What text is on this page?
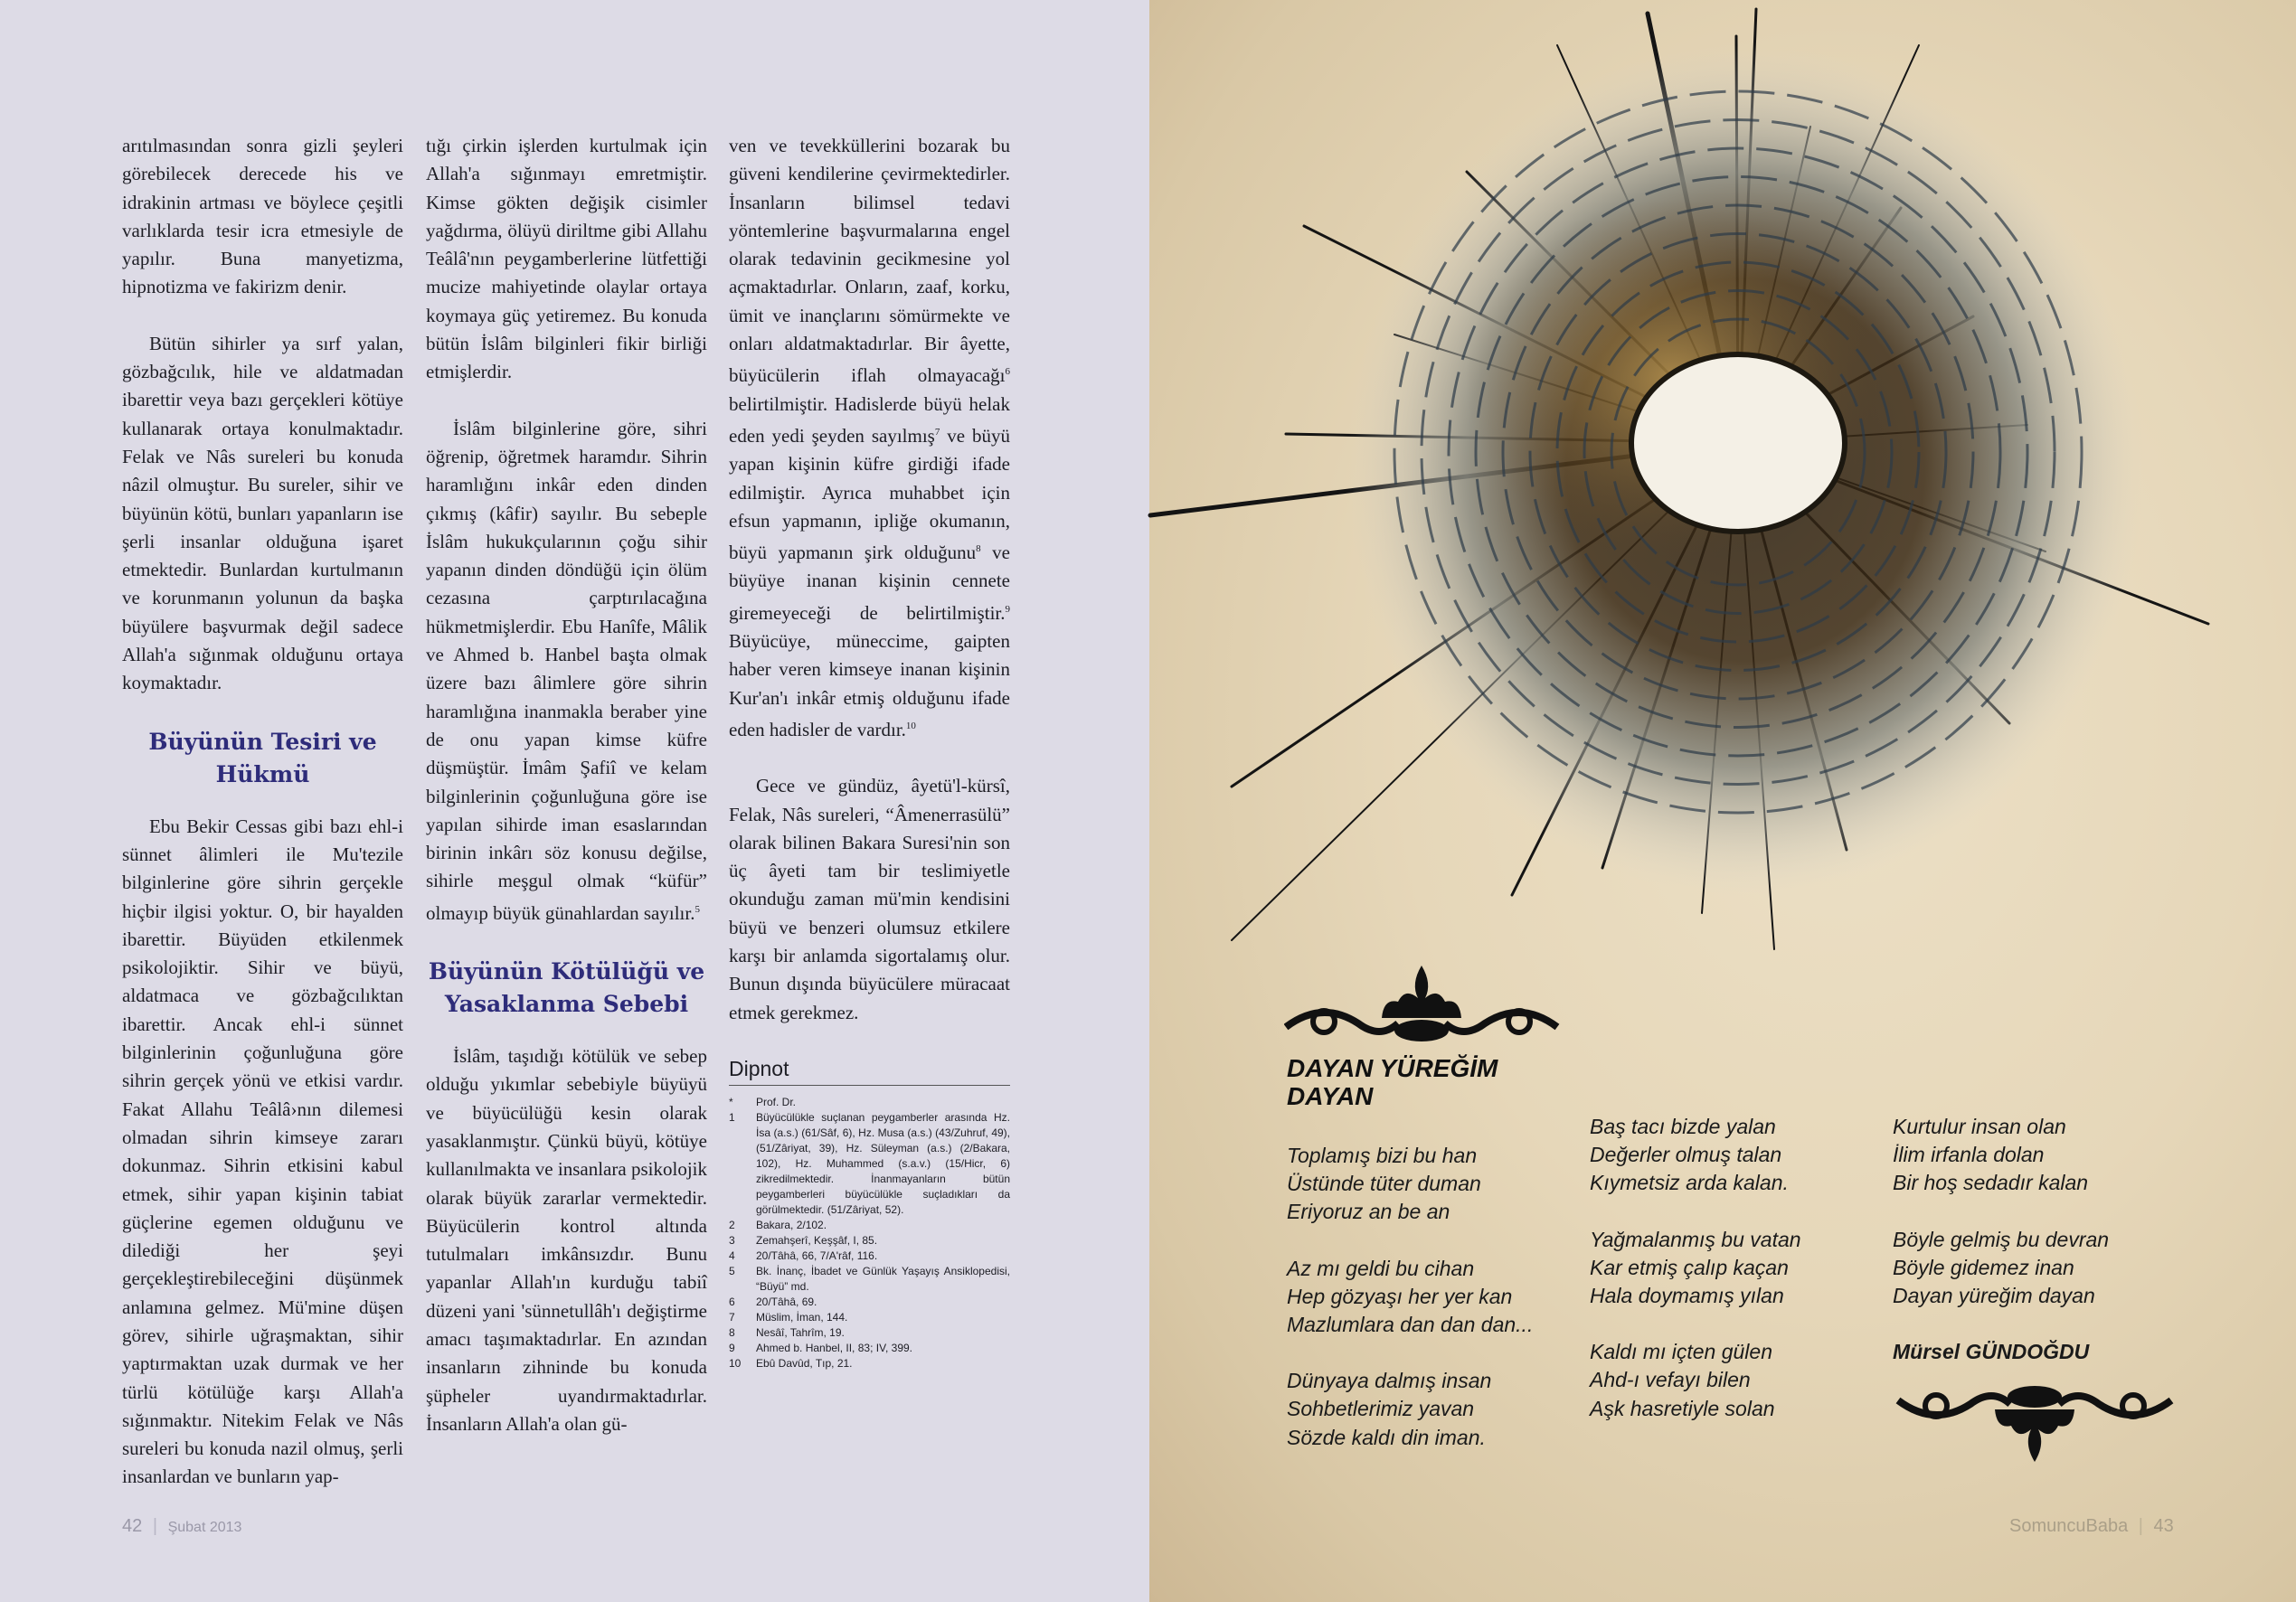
arıtılmasından sonra gizli şeyleri görebilecek derecede his ve idrakinin artması ve böylece çeşitli varlıklarda tesir icra etmesiyle de yapılır. Buna manyetizma, hipnotizma ve fakirizm denir.

Bütün sihirler ya sırf yalan, gözbağcılık, hile ve aldatmadan ibarettir veya bazı gerçekleri kötüye kullanarak ortaya konulmaktadır. Felak ve Nâs sureleri bu konuda nâzil olmuştur. Bu sureler, sihir ve büyünün kötü, bunları yapanların ise şerli insanlar olduğuna işaret etmektedir. Bunlardan kurtulmanın ve korunmanın yolunun da başka büyülere başvurmak değil sadece Allah'a sığınmak olduğunu ortaya koymaktadır.

Büyünün Tesiri ve Hükmü

Ebu Bekir Cessas gibi bazı ehl-i sünnet âlimleri ile Mu'tezile bilginlerine göre sihrin gerçekle hiçbir ilgisi yoktur. O, bir hayalden ibarettir. Büyüden etkilenmek psikolojiktir. Sihir ve büyü, aldatmaca ve gözbağcılıktan ibarettir. Ancak ehl-i sünnet bilginlerinin çoğunluğuna göre sihrin gerçek yönü ve etkisi vardır. Fakat Allahu Teâlâ›nın dilemesi olmadan sihrin kimseye zararı dokunmaz. Sihrin etkisini kabul etmek, sihir yapan kişinin tabiat güçlerine egemen olduğunu ve dilediği her şeyi gerçekleştirebileceğini düşünmek anlamına gelmez. Mü'mine düşen görev, sihirle uğraşmaktan, sihir yaptırmaktan uzak durmak ve her türlü kötülüğe karşı Allah'a sığınmaktır. Nitekim Felak ve Nâs sureleri bu konuda nazil olmuş, şerli insanlardan ve bunların yap-

tığı çirkin işlerden kurtulmak için Allah'a sığınmayı emretmiştir. Kimse gökten değişik cisimler yağdırma, ölüyü diriltme gibi Allahu Teâlâ'nın peygamberlerine lütfettiği mucize mahiyetinde olaylar ortaya koymaya güç yetiremez. Bu konuda bütün İslâm bilginleri fikir birliği etmişlerdir.

İslâm bilginlerine göre, sihri öğrenip, öğretmek haramdır. Sihrin haramlığını inkâr eden dinden çıkmış (kâfir) sayılır. Bu sebeple İslâm hukukçularının çoğu sihir yapanın dinden döndüğü için ölüm cezasına çarptırılacağına hükmetmişlerdir. Ebu Hanîfe, Mâlik ve Ahmed b. Hanbel başta olmak üzere bazı âlimlere göre sihrin haramlığına inanmakla beraber yine de onu yapan kimse küfre düşmüştür. İmâm Şafiî ve kelam bilginlerinin çoğunluğuna göre ise yapılan sihirde iman esaslarından birinin inkârı söz konusu değilse, sihirle meşgul olmak “küfür” olmayıp büyük günahlardan sayılır.$^5$

Büyünün Kötülüğü ve Yasaklanma Sebebi

İslâm, taşıdığı kötülük ve sebep olduğu yıkımlar sebebiyle büyüyü ve büyücülüğü kesin olarak yasaklanmıştır. Çünkü büyü, kötüye kullanılmakta ve insanlara psikolojik olarak büyük zararlar vermektedir. Büyücülerin kontrol altında tutulmaları imkânsızdır. Bunu yapanlar Allah'ın kurduğu tabiî düzeni yani 'sünnetullâh'ı değiştirme amacı taşımaktadırlar. En azından insanların zihninde bu konuda şüpheler uyandırmaktadırlar. İnsanların Allah'a olan gü-

ven ve tevekküllerini bozarak bu güveni kendilerine çevirmektedirler. İnsanların bilimsel tedavi yöntemlerine başvurmalarına engel olarak tedavinin gecikmesine yol açmaktadırlar. Onların, zaaf, korku, ümit ve inançlarını sömürmekte ve onları aldatmaktadırlar. Bir âyette, büyücülerin iflah olmayacağı$^6$ belirtilmiştir. Hadislerde büyü helak eden yedi şeyden sayılmış$^7$ ve büyü yapan kişinin küfre girdiği ifade edilmiştir. Ayrıca muhabbet için efsun yapmanın, ipliğe okumanın, büyü yapmanın şirk olduğunu$^8$ ve büyüye inanan kişinin cennete giremeyeceği de belirtilmiştir.$^9$ Büyücüye, müneccime, gaipten haber veren kimseye inanan kişinin Kur'an'ı inkâr etmiş olduğunu ifade eden hadisler de vardır.$^{10}$

Gece ve gündüz, âyetü'l-kürsî, Felak, Nâs sureleri, “Âmenerrasülü” olarak bilinen Bakara Suresi'nin son üç âyeti tam bir teslimiyetle okunduğu zaman mü'min kendisini büyü ve benzeri olumsuz etkilere karşı bir anlamda sigortalamış olur. Bunun dışında büyücülere müracaat etmek gerekmez.

Dipnot
*	Prof. Dr.
1	Büyücülükle suçlanan peygamberler arasında Hz. İsa (a.s.) (61/Sâf, 6), Hz. Musa (a.s.) (43/Zuhruf, 49), (51/Zâriyat, 39), Hz. Süleyman (a.s.) (2/Bakara, 102), Hz. Muhammed (s.a.v.) (15/Hicr, 6) zikredilmektedir. İnanmayanların bütün peygamberleri büyücülükle suçladıkları da görülmektedir. (51/Zâriyat, 52).
2	Bakara, 2/102.
3	Zemahşerî, Keşşâf, I, 85.
4	20/Tâhâ, 66, 7/A'râf, 116.
5	Bk. İnanç, İbadet ve Günlük Yaşayış Ansiklopedisi, “Büyü” md.
6	20/Tâhâ, 69.
7	Müslim, İman, 144.
8	Nesâî, Tahrîm, 19.
9	Ahmed b. Hanbel, II, 83; IV, 399.
10	Ebû Davûd, Tıp, 21.
42 | Şubat 2013
DAYAN YÜREĞİM
DAYAN
Toplamış bizi bu han
Üstünde tüter duman
Eriyoruz an be an
Az mı geldi bu cihan
Hep gözyaşı her yer kan
Mazlumlara dan dan dan...
Dünyaya dalmış insan
Sohbetlerimiz yavan
Sözde kaldı din iman.
Baş tacı bizde yalan
Değerler olmuş talan
Kıymetsiz arda kalan.
Yağmalanmış bu vatan
Kar etmiş çalıp kaçan
Hala doymamış yılan
Kaldı mı içten gülen
Ahd-ı vefayı bilen
Aşk hasretiyle solan
Kurtulur insan olan
İlim irfanla dolan
Bir hoş sedadır kalan
Böyle gelmiş bu devran
Böyle gidemez inan
Dayan yüreğim dayan
Mürsel GÜNDOĞDU
SomuncuBaba | 43
